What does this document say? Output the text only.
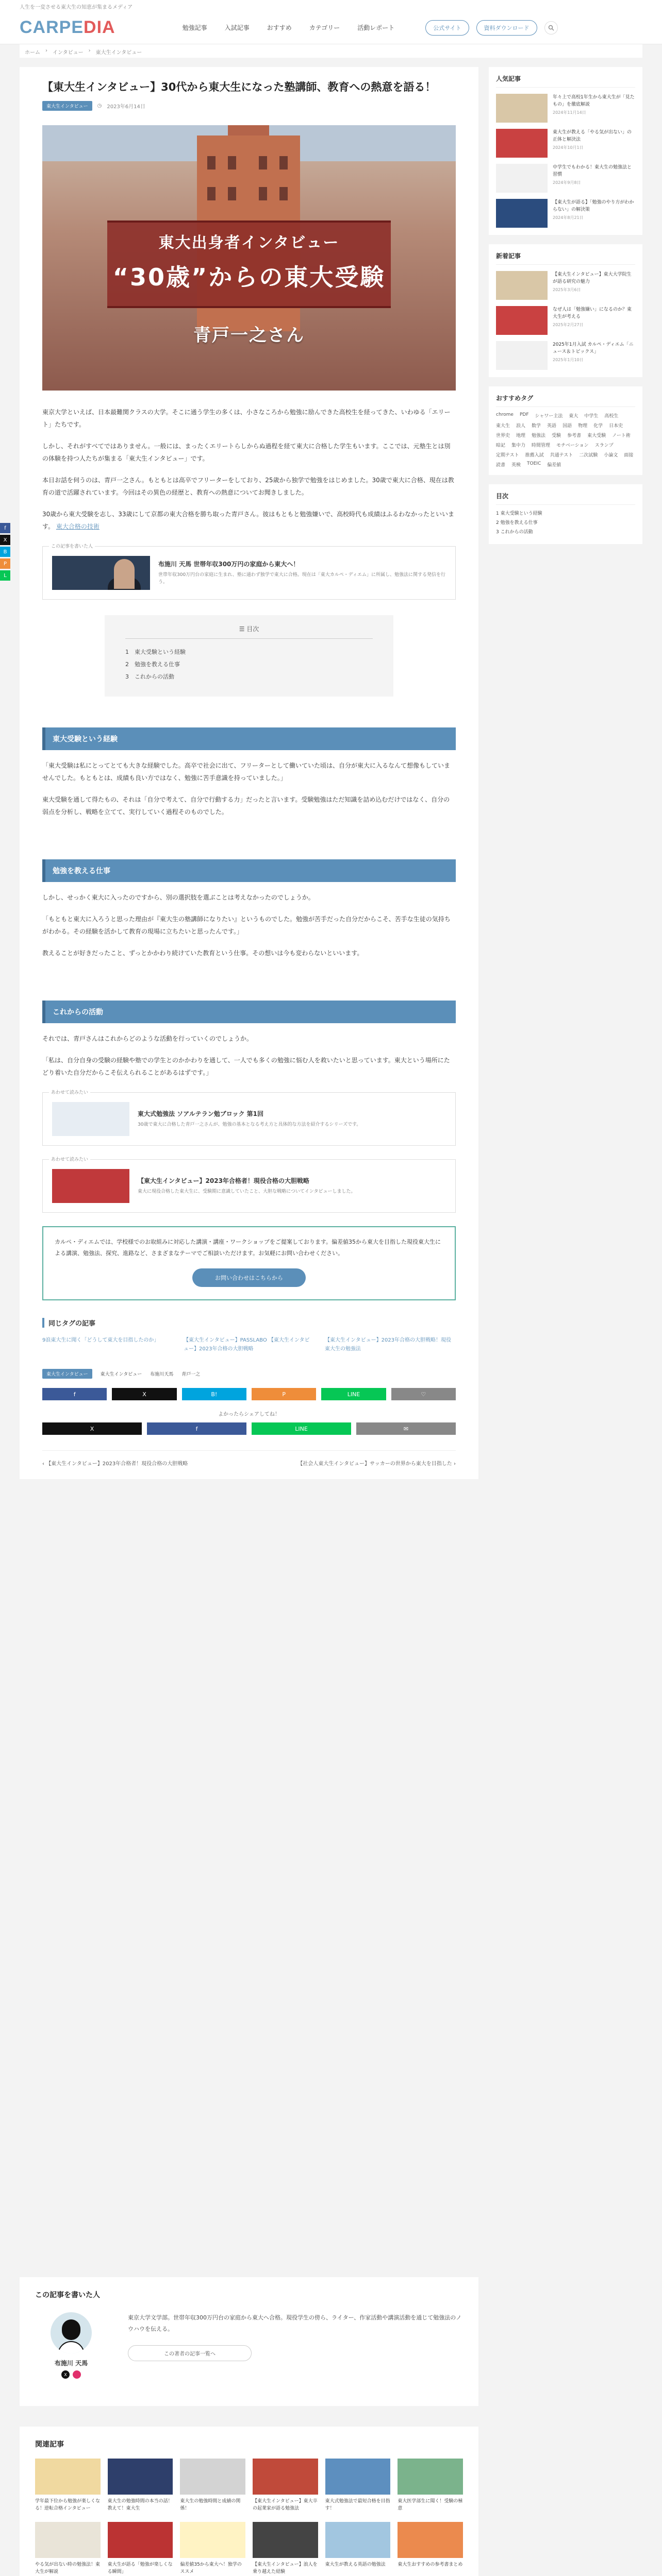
人生を一変させる東大生の知恵が集まるメディア
CARPEDIA	勉強記事	入試記事	おすすめ	カテゴリー	活動レポート	公式サイト	資料ダウンロード
ホーム › インタビュー › 東大生インタビュー
f
X
B
P
L
【東大生インタビュー】30代から東大生になった塾講師、教育への熱意を語る！
東大生インタビュー	◷ 2023年6月14日
東大出身者インタビュー
“30歳”からの東大受験
青戸一之さん

東京大学といえば、日本最難関クラスの大学。そこに通う学生の多くは、小さなころから勉強に励んできた高校生を経ってきた、いわゆる「エリート」たちです。

しかし、それがすべてではありません。一般には、まったくエリートらしからぬ過程を経て東大に合格した学生もいます。ここでは、元塾生とは別の体験を持つ人たちが集まる「東大生インタビュー」です。

本日お話を伺うのは、青戸一之さん。もともとは高卒でフリーターをしており、25歳から独学で勉強をはじめました。30歳で東大に合格、現在は教育の道で活躍されています。今回はその異色の経歴と、教育への熱意についてお聞きしました。

30歳から東大受験を志し、33歳にして京都の東大合格を勝ち取った青戸さん。彼はもともと勉強嫌いで、高校時代も成績はふるわなかったといいます。 東大合格の技術

この記事を書いた人
布施川 天馬 世帯年収300万円の家庭から東大へ！
世帯年収300万円台の家庭に生まれ、塾に通わず独学で東大に合格。現在は「東大カルペ・ディエム」に所属し、勉強法に関する発信を行う。
☰ 目次
1　東大受験という経験
2　勉強を教える仕事
3　これからの活動
東大受験という経験

「東大受験は私にとってとても大きな経験でした。高卒で社会に出て、フリーターとして働いていた頃は、自分が東大に入るなんて想像もしていませんでした。もともとは、成績も良い方ではなく、勉強に苦手意識を持っていました。」

東大受験を通して得たもの、それは「自分で考えて、自分で行動する力」だったと言います。受験勉強はただ知識を詰め込むだけではなく、自分の弱点を分析し、戦略を立てて、実行していく過程そのものでした。

勉強を教える仕事

しかし、せっかく東大に入ったのですから、別の選択肢を選ぶことは考えなかったのでしょうか。

「もともと東大に入ろうと思った理由が『東大生の塾講師になりたい』というものでした。勉強が苦手だった自分だからこそ、苦手な生徒の気持ちがわかる。その経験を活かして教育の現場に立ちたいと思ったんです。」

教えることが好きだったこと、ずっとかかわり続けていた教育という仕事。その想いは今も変わらないといいます。

これからの活動

それでは、青戸さんはこれからどのような活動を行っていくのでしょうか。

「私は、自分自身の受験の経験や塾での学生とのかかわりを通して、一人でも多くの勉強に悩む人を救いたいと思っています。東大という場所にたどり着いた自分だからこそ伝えられることがあるはずです。」

あわせて読みたい
東大式勉強法 ソアルテラン勉ブロック 第1回
30歳で東大に合格した青戸一之さんが、勉強の基本となる考え方と具体的な方法を紹介するシリーズです。
あわせて読みたい
【東大生インタビュー】2023年合格者！現役合格の大胆戦略
東大に現役合格した東大生に、受験期に意識していたこと、大胆な戦略についてインタビューしました。

カルペ・ディエムでは、学校様でのお取組みに対応した講演・講座・ワークショップをご提案しております。偏差値35から東大を目指した現役東大生による講演、勉強法、探究、進路など、さまざまなテーマでご相談いただけます。お気軽にお問い合わせください。

お問い合わせはこちらから
同じタグの記事
9浪東大生に聞く「どうして東大を目指したのか」	【東大生インタビュー】PASSLABO 【東大生インタビュー】2023年合格の大胆戦略
【東大生インタビュー】2023年合格の大胆戦略！現役東大生の勉強法
東大生インタビュー	東大生インタビュー 布施川天馬 青戸一之
f	X	B!	P	LINE	♡
よかったらシェアしてね！
X	f	LINE	✉
‹ 【東大生インタビュー】2023年合格者！現役合格の大胆戦略	【社会人東大生インタビュー】サッカーの世界から東大を目指した ›
この記事を書いた人
布施川 天馬
X

東京大学文学部。世帯年収300万円台の家庭から東大へ合格。現役学生の傍ら、ライター、作家活動や講演活動を通じて勉強法のノウハウを伝える。

この著者の記事一覧へ
関連記事
学年最下位から勉強が楽しくなる！逆転合格インタビュー
東大生の勉強時間の本当の話！教えて！東大生
東大生の勉強時間と成績の関係！
【東大生インタビュー】東大卒の起業家が語る勉強法
東大式勉強法で最短合格を目指す！
東大医学部生に聞く！受験の極意
やる気が出ない時の勉強法！東大生が解説
東大生が語る「勉強が楽しくなる瞬間」
偏差値35から東大へ！独学のススメ
【東大生インタビュー】浪人を乗り越えた経験
東大生が教える英語の勉強法	東大生おすすめの参考書まとめ
人気記事
年々上で高校1年生から東大生が「見たもの」を徹底解説
2024年11月14日
東大生が教える「やる気が出ない」の正体と解決法
2024年10月1日
中学生でもわかる！東大生の勉強法と習慣
2024年9月8日
【東大生が語る】「勉強のやり方がわからない」の解決策
2024年8月21日
新着記事
【東大生インタビュー】東大大学院生が語る研究の魅力
2025年3月6日
なぜ人は「勉強嫌い」になるのか？東大生が考える
2025年2月27日
2025年1月入試 カルペ・ディエム「ニュース＆トピックス」
2025年1月10日
おすすめタグ
chrome PDF シャワー主法 東大 中学生 高校生
東大生 浪人 数学 英語 国語 物理 化学 日本史
世界史 地理 勉強法 受験 参考書 東大受験 ノート術
暗記 集中力 時間管理 モチベーション スランプ
定期テスト 推薦入試 共通テスト 二次試験 小論文 面接
読書 英検 TOEIC 偏差値
目次
1 東大受験という経験
2 勉強を教える仕事
3 これからの活動
